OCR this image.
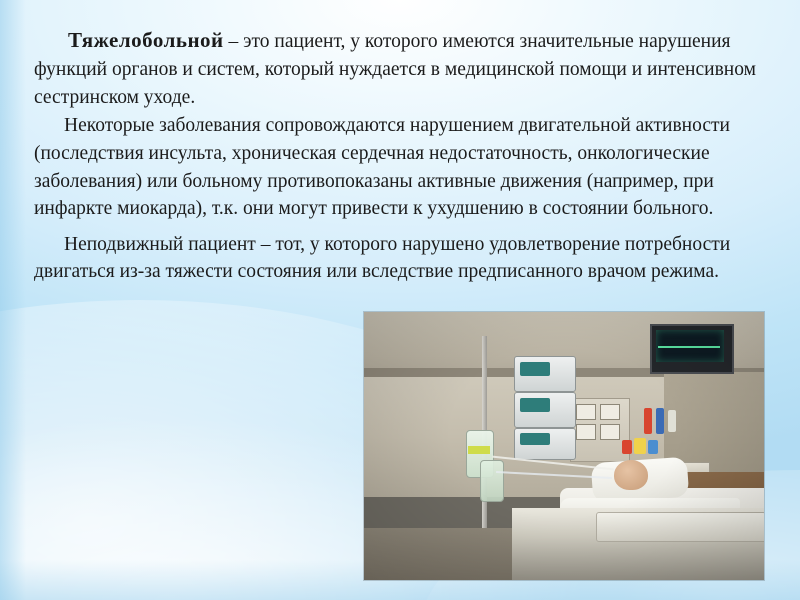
Тяжелобольной – это пациент, у которого имеются значительные нарушения функций органов и систем, который нуждается в медицинской помощи и интенсивном сестринском уходе.

Некоторые заболевания сопровождаются нарушением двигательной активности (последствия инсульта, хроническая сердечная недостаточность, онкологические заболевания) или больному противопоказаны активные движения (например, при инфаркте миокарда), т.к. они могут привести к ухудшению в состоянии больного.

Неподвижный пациент – тот, у которого нарушено удовлетворение потребности двигаться из-за тяжести состояния или вследствие предписанного врачом режима.
